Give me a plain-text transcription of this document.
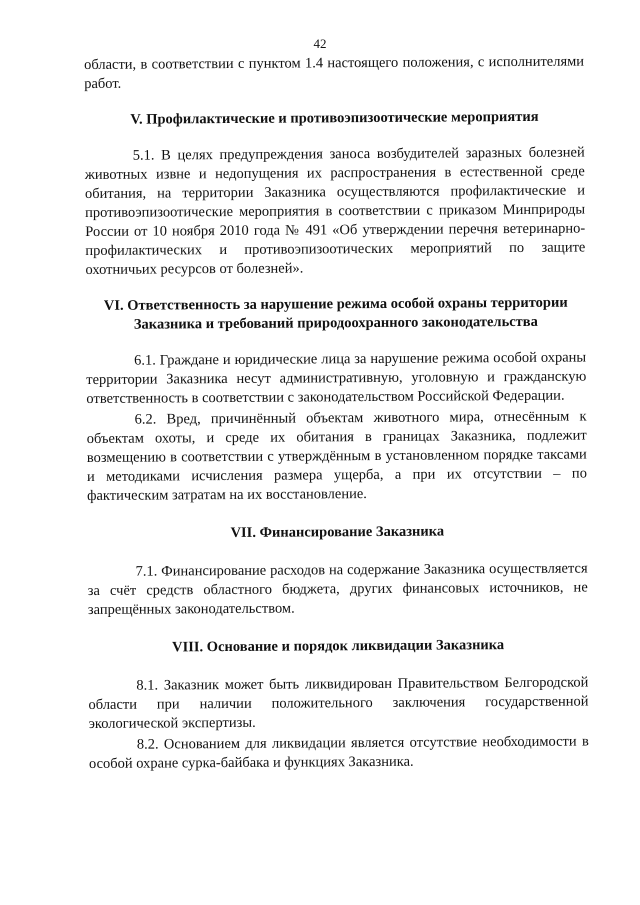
42

области, в соответствии с пунктом 1.4 настоящего положения, с исполнителями работ.

V. Профилактические и противоэпизоотические мероприятия

5.1. В целях предупреждения заноса возбудителей заразных болезней животных извне и недопущения их распространения в естественной среде обитания, на территории Заказника осуществляются профилактические и противоэпизоотические мероприятия в соответствии с приказом Минприроды России от 10 ноября 2010 года № 491 «Об утверждении перечня ветеринарно-профилактических и противоэпизоотических мероприятий по защите охотничьих ресурсов от болезней».

VI. Ответственность за нарушение режима особой охраны территории
Заказника и требований природоохранного законодательства

6.1. Граждане и юридические лица за нарушение режима особой охраны территории Заказника несут административную, уголовную и гражданскую ответственность в соответствии с законодательством Российской Федерации.

6.2. Вред, причинённый объектам животного мира, отнесённым к объектам охоты, и среде их обитания в границах Заказника, подлежит возмещению в соответствии с утверждённым в установленном порядке таксами и методиками исчисления размера ущерба, а при их отсутствии – по фактическим затратам на их восстановление.

VII. Финансирование Заказника

7.1. Финансирование расходов на содержание Заказника осуществляется за счёт средств областного бюджета, других финансовых источников, не запрещённых законодательством.

VIII. Основание и порядок ликвидации Заказника

8.1. Заказник может быть ликвидирован Правительством Белгородской области при наличии положительного заключения государственной экологической экспертизы.

8.2. Основанием для ликвидации является отсутствие необходимости в особой охране сурка-байбака и функциях Заказника.
